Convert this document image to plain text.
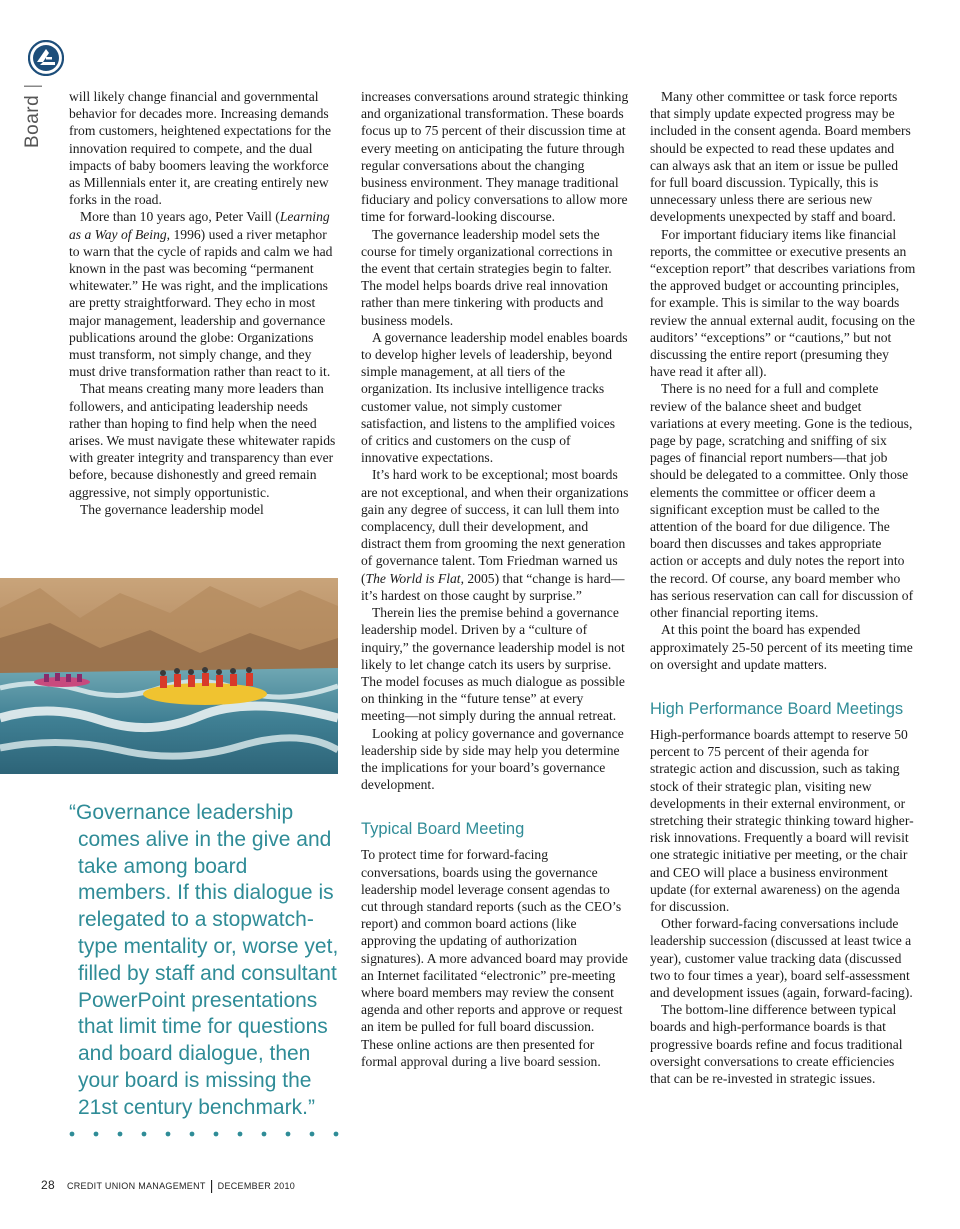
Board|

will likely change financial and governmental behavior for decades more. Increasing demands from customers, heightened expectations for the innovation required to compete, and the dual impacts of baby boomers leaving the workforce as Millennials enter it, are creating entirely new forks in the road.

More than 10 years ago, Peter Vaill (Learning as a Way of Being, 1996) used a river metaphor to warn that the cycle of rapids and calm we had known in the past was becoming “permanent whitewater.” He was right, and the implications are pretty straightforward. They echo in most major management, leadership and governance publications around the globe: Organizations must transform, not simply change, and they must drive transformation rather than react to it.

That means creating many more leaders than followers, and anticipating leadership needs rather than hoping to find help when the need arises. We must navigate these whitewater rapids with greater integrity and transparency than ever before, because dishonestly and greed remain aggressive, not simply opportunistic.

The governance leadership model

“Governance leadership comes alive in the give and take among board members. If this dialogue is relegated to a stopwatch-type mentality or, worse yet, filled by staff and consultant PowerPoint presentations that limit time for questions and board dialogue, then your board is missing the 21st century benchmark.”

increases conversations around strategic thinking and organizational transformation. These boards focus up to 75 percent of their discussion time at every meeting on anticipating the future through regular conversations about the changing business environment. They manage traditional fiduciary and policy conversations to allow more time for forward-looking discourse.

The governance leadership model sets the course for timely organizational corrections in the event that certain strategies begin to falter. The model helps boards drive real innovation rather than mere tinkering with products and business models.

A governance leadership model enables boards to develop higher levels of leadership, beyond simple management, at all tiers of the organization. Its inclusive intelligence tracks customer value, not simply customer satisfaction, and listens to the amplified voices of critics and customers on the cusp of innovative expectations.

It’s hard work to be exceptional; most boards are not exceptional, and when their organizations gain any degree of success, it can lull them into complacency, dull their development, and distract them from grooming the next generation of governance talent. Tom Friedman warned us (The World is Flat, 2005) that “change is hard—it’s hardest on those caught by surprise.”

Therein lies the premise behind a governance leadership model. Driven by a “culture of inquiry,” the governance leadership model is not likely to let change catch its users by surprise. The model focuses as much dialogue as possible on thinking in the “future tense” at every meeting—not simply during the annual retreat.

Looking at policy governance and governance leadership side by side may help you determine the implications for your board’s governance development.

Typical Board Meeting

To protect time for forward-facing conversations, boards using the governance leadership model leverage consent agendas to cut through standard reports (such as the CEO’s report) and common board actions (like approving the updating of authorization signatures). A more advanced board may provide an Internet facilitated “electronic” pre-meeting where board members may review the consent agenda and other reports and approve or request an item be pulled for full board discussion. These online actions are then presented for formal approval during a live board session.

Many other committee or task force reports that simply update expected progress may be included in the consent agenda. Board members should be expected to read these updates and can always ask that an item or issue be pulled for full board discussion. Typically, this is unnecessary unless there are serious new developments unexpected by staff and board.

For important fiduciary items like financial reports, the committee or executive presents an “exception report” that describes variations from the approved budget or accounting principles, for example. This is similar to the way boards review the annual external audit, focusing on the auditors’ “exceptions” or “cautions,” but not discussing the entire report (presuming they have read it after all).

There is no need for a full and complete review of the balance sheet and budget variations at every meeting. Gone is the tedious, page by page, scratching and sniffing of six pages of financial report numbers—that job should be delegated to a committee. Only those elements the committee or officer deem a significant exception must be called to the attention of the board for due diligence. The board then discusses and takes appropriate action or accepts and duly notes the report into the record. Of course, any board member who has serious reservation can call for discussion of other financial reporting items.

At this point the board has expended approximately 25-50 percent of its meeting time on oversight and update matters.

High Performance Board Meetings

High-performance boards attempt to reserve 50 percent to 75 percent of their agenda for strategic action and discussion, such as taking stock of their strategic plan, visiting new developments in their external environment, or stretching their strategic thinking toward higher-risk innovations. Frequently a board will revisit one strategic initiative per meeting, or the chair and CEO will place a business environment update (for external awareness) on the agenda for discussion.

Other forward-facing conversations include leadership succession (discussed at least twice a year), customer value tracking data (discussed two to four times a year), board self-assessment and development issues (again, forward-facing).

The bottom-line difference between typical boards and high-performance boards is that progressive boards refine and focus traditional oversight conversations to create efficiencies that can be re-invested in strategic issues.

28 CREDIT UNION MANAGEMENT | DECEMBER 2010
